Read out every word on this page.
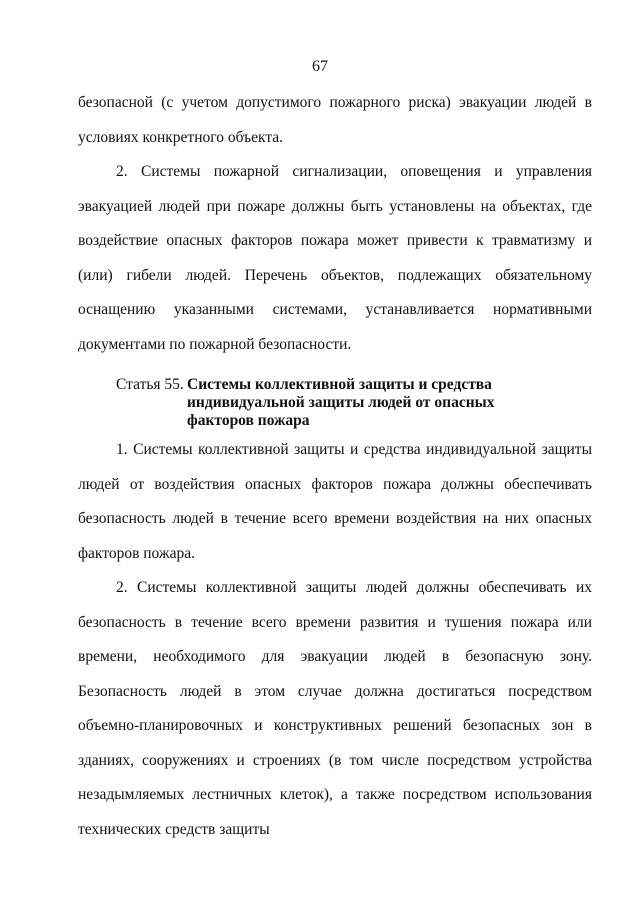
67

безопасной (с учетом допустимого пожарного риска) эвакуации людей в условиях конкретного объекта.

2. Системы пожарной сигнализации, оповещения и управления эвакуацией людей при пожаре должны быть установлены на объектах, где воздействие опасных факторов пожара может привести к травматизму и (или) гибели людей. Перечень объектов, подлежащих обязательному оснащению указанными системами, устанавливается нормативными документами по пожарной безопасности.

Статья 55. Системы коллективной защиты и средства индивидуальной защиты людей от опасных факторов пожара

1. Системы коллективной защиты и средства индивидуальной защиты людей от воздействия опасных факторов пожара должны обеспечивать безопасность людей в течение всего времени воздействия на них опасных факторов пожара.

2. Системы коллективной защиты людей должны обеспечивать их безопасность в течение всего времени развития и тушения пожара или времени, необходимого для эвакуации людей в безопасную зону. Безопасность людей в этом случае должна достигаться посредством объемно-планировочных и конструктивных решений безопасных зон в зданиях, сооружениях и строениях (в том числе посредством устройства незадымляемых лестничных клеток), а также посредством использования технических средств защиты
